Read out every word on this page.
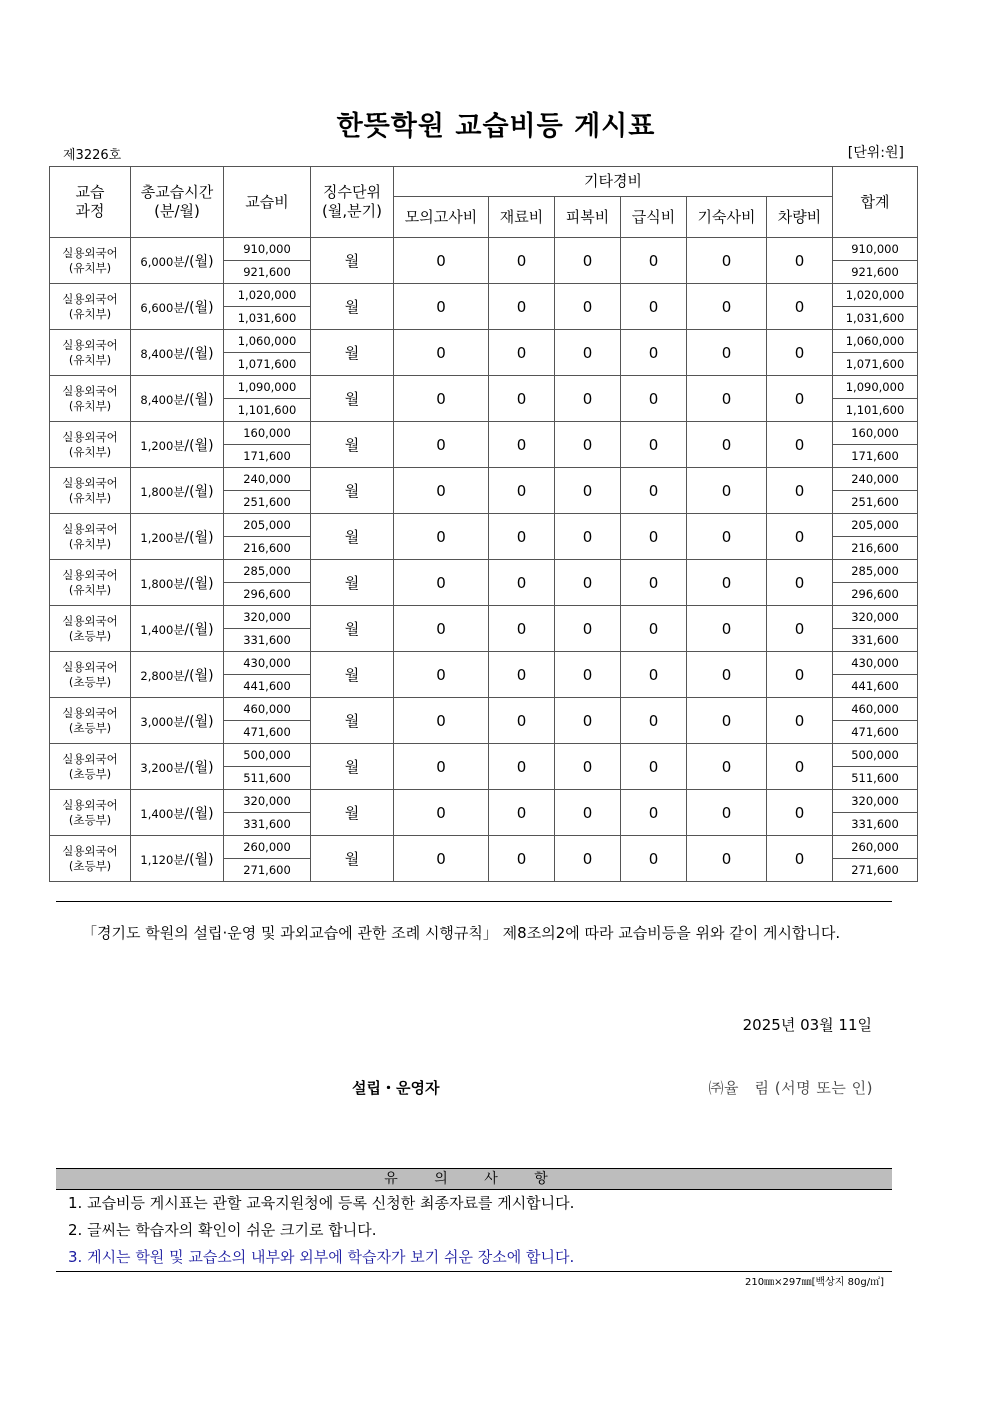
한뜻학원 교습비등 게시표
제3226호	[단위:원]
교습
과정	총교습시간
(분/월)	교습비	징수단위
(월,분기)	기타경비						합계
				모의고사비	재료비	피복비	급식비	기숙사비	차량비	

실용외국어
(유치부)	6,000분/(월)	910,000	월	0	0	0	0	0	0	910,000
		921,600								921,600

실용외국어
(유치부)	6,600분/(월)	1,020,000	월	0	0	0	0	0	0	1,020,000
		1,031,600								1,031,600

실용외국어
(유치부)	8,400분/(월)	1,060,000	월	0	0	0	0	0	0	1,060,000
		1,071,600								1,071,600

실용외국어
(유치부)	8,400분/(월)	1,090,000	월	0	0	0	0	0	0	1,090,000
		1,101,600								1,101,600

실용외국어
(유치부)	1,200분/(월)	160,000	월	0	0	0	0	0	0	160,000
		171,600								171,600

실용외국어
(유치부)	1,800분/(월)	240,000	월	0	0	0	0	0	0	240,000
		251,600								251,600

실용외국어
(유치부)	1,200분/(월)	205,000	월	0	0	0	0	0	0	205,000
		216,600								216,600

실용외국어
(유치부)	1,800분/(월)	285,000	월	0	0	0	0	0	0	285,000
		296,600								296,600

실용외국어
(초등부)	1,400분/(월)	320,000	월	0	0	0	0	0	0	320,000
		331,600								331,600

실용외국어
(초등부)	2,800분/(월)	430,000	월	0	0	0	0	0	0	430,000
		441,600								441,600

실용외국어
(초등부)	3,000분/(월)	460,000	월	0	0	0	0	0	0	460,000
		471,600								471,600

실용외국어
(초등부)	3,200분/(월)	500,000	월	0	0	0	0	0	0	500,000
		511,600								511,600

실용외국어
(초등부)	1,400분/(월)	320,000	월	0	0	0	0	0	0	320,000
		331,600								331,600

실용외국어
(초등부)	1,120분/(월)	260,000	월	0	0	0	0	0	0	260,000
		271,600								271,600
「경기도 학원의 설립·운영 및 과외교습에 관한 조례 시행규칙」 제8조의2에 따라 교습비등을 위와 같이 게시합니다.
2025년 03월 11일
설립・운영자	㈜율　림 (서명 또는 인)
유 의 사 항
1. 교습비등 게시표는 관할 교육지원청에 등록 신청한 최종자료를 게시합니다.
2. 글씨는 학습자의 확인이 쉬운 크기로 합니다.
3. 게시는 학원 및 교습소의 내부와 외부에 학습자가 보기 쉬운 장소에 합니다.
210㎜×297㎜[백상지 80g/㎡]
